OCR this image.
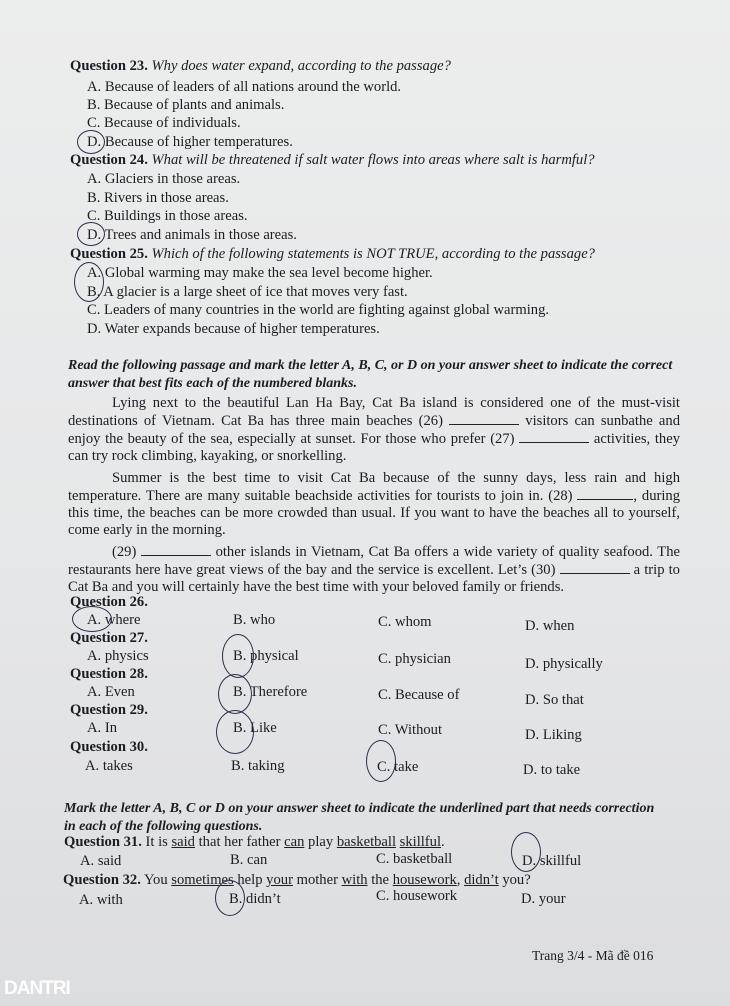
Question 23. Why does water expand, according to the passage?
A. Because of leaders of all nations around the world.
B. Because of plants and animals.
C. Because of individuals.
D. Because of higher temperatures.
Question 24. What will be threatened if salt water flows into areas where salt is harmful?
A. Glaciers in those areas.
B. Rivers in those areas.
C. Buildings in those areas.
D. Trees and animals in those areas.
Question 25. Which of the following statements is NOT TRUE, according to the passage?
A. Global warming may make the sea level become higher.
B. A glacier is a large sheet of ice that moves very fast.
C. Leaders of many countries in the world are fighting against global warming.
D. Water expands because of higher temperatures.
Read the following passage and mark the letter A, B, C, or D on your answer sheet to indicate the correct
answer that best fits each of the numbered blanks.
Lying next to the beautiful Lan Ha Bay, Cat Ba island is considered one of the must-visit destinations of Vietnam. Cat Ba has three main beaches (26)	visitors can sunbathe and enjoy the beauty of the sea, especially at sunset. For those who prefer (27)	activities, they can try rock climbing, kayaking, or snorkelling.
Summer is the best time to visit Cat Ba because of the sunny days, less rain and high temperature. There are many suitable beachside activities for tourists to join in. (28)	, during this time, the beaches can be more crowded than usual. If you want to have the beaches all to yourself, come early in the morning.
(29)	other islands in Vietnam, Cat Ba offers a wide variety of quality seafood. The restaurants here have great views of the bay and the service is excellent. Let’s (30)	a trip to Cat Ba and you will certainly have the best time with your beloved family or friends.
Question 26.
A. where	B. who	C. whom	D. when
Question 27.
A. physics	B. physical	C. physician	D. physically
Question 28.
A. Even	B. Therefore	C. Because of	D. So that
Question 29.
A. In	B. Like	C. Without	D. Liking
Question 30.
A. takes	B. taking	C. take	D. to take
Mark the letter A, B, C or D on your answer sheet to indicate the underlined part that needs correction
in each of the following questions.
Question 31. It is said that her father can play basketball skillful.
A. said	B. can	C. basketball	D. skillful
Question 32. You sometimes help your mother with the housework, didn’t you?
A. with	B. didn’t	C. housework	D. your
Trang 3/4 - Mã đề 016
DANTRI
